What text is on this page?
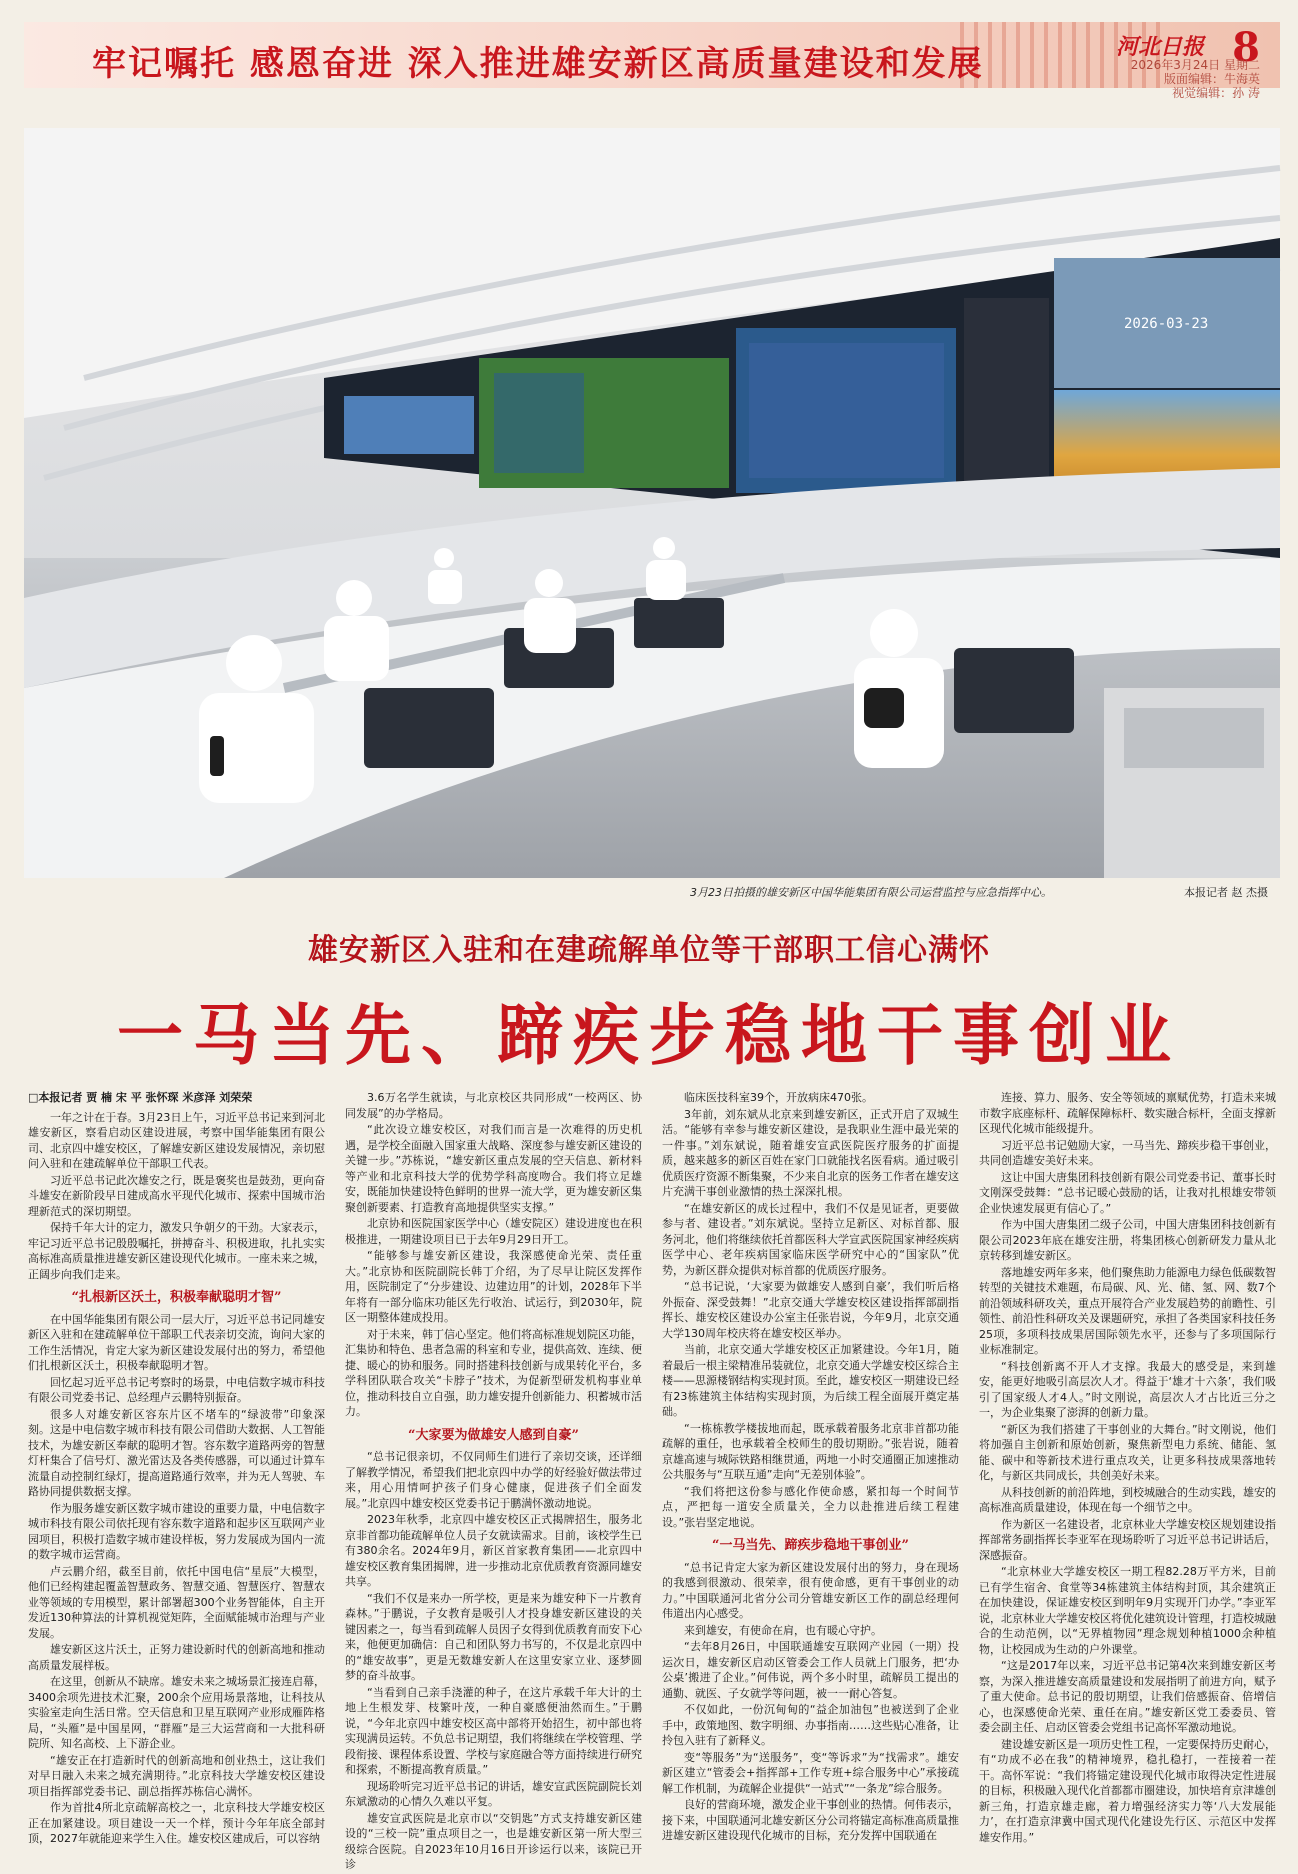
牢记嘱托 感恩奋进 深入推进雄安新区高质量建设和发展	河北日报 8
2026年3月24日 星期二
版面编辑：牛海英
视觉编辑：孙 涛
2026-03-23
3月23日拍摄的雄安新区中国华能集团有限公司运营监控与应急指挥中心。	本报记者 赵 杰摄
雄安新区入驻和在建疏解单位等干部职工信心满怀
一马当先、蹄疾步稳地干事创业
□本报记者 贾 楠 宋 平 张怀琛 米彦泽 刘荣荣

一年之计在于春。3月23日上午，习近平总书记来到河北雄安新区，察看启动区建设进展，考察中国华能集团有限公司、北京四中雄安校区，了解雄安新区建设发展情况，亲切慰问入驻和在建疏解单位干部职工代表。

习近平总书记此次雄安之行，既是褒奖也是鼓劲，更向奋斗雄安在新阶段早日建成高水平现代化城市、探索中国城市治理新范式的深切期望。

保持千年大计的定力，激发只争朝夕的干劲。大家表示，牢记习近平总书记殷殷嘱托，拼搏奋斗、积极进取，扎扎实实高标准高质量推进雄安新区建设现代化城市。一座未来之城，正阔步向我们走来。

“扎根新区沃土，积极奉献聪明才智”

在中国华能集团有限公司一层大厅，习近平总书记同雄安新区入驻和在建疏解单位干部职工代表亲切交流，询问大家的工作生活情况，肯定大家为新区建设发展付出的努力，希望他们扎根新区沃土，积极奉献聪明才智。

回忆起习近平总书记考察时的场景，中电信数字城市科技有限公司党委书记、总经理卢云鹏特别振奋。

很多人对雄安新区容东片区不堵车的“绿波带”印象深刻。这是中电信数字城市科技有限公司借助大数据、人工智能技术，为雄安新区奉献的聪明才智。容东数字道路两旁的智慧灯杆集合了信号灯、激光雷达及各类传感器，可以通过计算车流量自动控制红绿灯，提高道路通行效率，并为无人驾驶、车路协同提供数据支撑。

作为服务雄安新区数字城市建设的重要力量，中电信数字城市科技有限公司依托现有容东数字道路和起步区互联网产业园项目，积极打造数字城市建设样板，努力发展成为国内一流的数字城市运营商。

卢云鹏介绍，截至目前，依托中国电信“星辰”大模型，他们已经构建起覆盖智慧政务、智慧交通、智慧医疗、智慧农业等领域的专用模型，累计部署超300个业务智能体，自主开发近130种算法的计算机视觉矩阵，全面赋能城市治理与产业发展。

雄安新区这片沃土，正努力建设新时代的创新高地和推动高质量发展样板。

在这里，创新从不缺席。雄安未来之城场景汇接连启幕，3400余项先进技术汇聚，200余个应用场景落地，让科技从实验室走向生活日常。空天信息和卫星互联网产业形成雁阵格局，“头雁”是中国星网，“群雁”是三大运营商和一大批科研院所、知名高校、上下游企业。

“雄安正在打造新时代的创新高地和创业热土，这让我们对早日融入未来之城充满期待。”北京科技大学雄安校区建设项目指挥部党委书记、副总指挥苏栋信心满怀。

作为首批4所北京疏解高校之一，北京科技大学雄安校区正在加紧建设。项目建设一天一个样，预计今年年底全部封顶，2027年就能迎来学生入住。雄安校区建成后，可以容纳

3.6万名学生就读，与北京校区共同形成“一校两区、协同发展”的办学格局。

“此次设立雄安校区，对我们而言是一次难得的历史机遇，是学校全面融入国家重大战略、深度参与雄安新区建设的关键一步。”苏栋说，“雄安新区重点发展的空天信息、新材料等产业和北京科技大学的优势学科高度吻合。我们将立足雄安，既能加快建设特色鲜明的世界一流大学，更为雄安新区集聚创新要素、打造教育高地提供坚实支撑。”

北京协和医院国家医学中心（雄安院区）建设进度也在积极推进，一期建设项目已于去年9月29日开工。

“能够参与雄安新区建设，我深感使命光荣、责任重大。”北京协和医院副院长韩丁介绍，为了尽早让院区发挥作用，医院制定了“分步建设、边建边用”的计划，2028年下半年将有一部分临床功能区先行收治、试运行，到2030年，院区一期整体建成投用。

对于未来，韩丁信心坚定。他们将高标准规划院区功能，汇集协和特色、患者急需的科室和专业，提供高效、连续、便捷、暖心的协和服务。同时搭建科技创新与成果转化平台，多学科团队联合攻关“卡脖子”技术，为促新型研发机构事业单位，推动科技自立自强，助力雄安提升创新能力、积蓄城市活力。

“大家要为做雄安人感到自豪”

“总书记很亲切，不仅同师生们进行了亲切交谈，还详细了解教学情况，希望我们把北京四中办学的好经验好做法带过来，用心用情呵护孩子们身心健康，促进孩子们全面发展。”北京四中雄安校区党委书记于鹏满怀激动地说。

2023年秋季，北京四中雄安校区正式揭牌招生，服务北京非首都功能疏解单位人员子女就读需求。目前，该校学生已有380余名。2024年9月，新区首家教育集团——北京四中雄安校区教育集团揭牌，进一步推动北京优质教育资源同雄安共享。

“我们不仅是来办一所学校，更是来为雄安种下一片教育森林。”于鹏说，子女教育是吸引人才投身雄安新区建设的关键因素之一，每当看到疏解人员因子女得到优质教育而安下心来，他便更加确信：自己和团队努力书写的，不仅是北京四中的“雄安故事”，更是无数雄安新人在这里安家立业、逐梦圆梦的奋斗故事。

“当看到自己亲手浇灌的种子，在这片承载千年大计的土地上生根发芽、枝繁叶茂，一种自豪感便油然而生。”于鹏说，“今年北京四中雄安校区高中部将开始招生，初中部也将实现满员运转。不负总书记期望，我们将继续在学校管理、学段衔接、课程体系设置、学校与家庭融合等方面持续进行研究和探索，不断提高教育质量。”

现场聆听完习近平总书记的讲话，雄安宣武医院副院长刘东斌激动的心情久久难以平复。

雄安宣武医院是北京市以“交钥匙”方式支持雄安新区建设的“三校一院”重点项目之一，也是雄安新区第一所大型三级综合医院。自2023年10月16日开诊运行以来，该院已开诊

临床医技科室39个，开放病床470张。

3年前，刘东斌从北京来到雄安新区，正式开启了双城生活。“能够有幸参与雄安新区建设，是我职业生涯中最光荣的一件事。”刘东斌说，随着雄安宣武医院医疗服务的扩面提质，越来越多的新区百姓在家门口就能找名医看病。通过吸引优质医疗资源不断集聚，不少来自北京的医务工作者在雄安这片充满干事创业激情的热土深深扎根。

“在雄安新区的成长过程中，我们不仅是见证者，更要做参与者、建设者。”刘东斌说。坚持立足新区、对标首都、服务河北，他们将继续依托首都医科大学宣武医院国家神经疾病医学中心、老年疾病国家临床医学研究中心的“国家队”优势，为新区群众提供对标首都的优质医疗服务。

“总书记说，‘大家要为做雄安人感到自豪’，我们听后格外振奋、深受鼓舞！”北京交通大学雄安校区建设指挥部副指挥长、雄安校区建设办公室主任张岩说，今年9月，北京交通大学130周年校庆将在雄安校区举办。

当前，北京交通大学雄安校区正加紧建设。今年1月，随着最后一根主梁精准吊装就位，北京交通大学雄安校区综合主楼——思源楼钢结构实现封顶。至此，雄安校区一期建设已经有23栋建筑主体结构实现封顶，为后续工程全面展开奠定基础。

“一栋栋教学楼拔地而起，既承载着服务北京非首都功能疏解的重任，也承载着全校师生的殷切期盼。”张岩说，随着京雄高速与城际铁路相继贯通，两地一小时交通圈正加速推动公共服务与“互联互通”走向“无差别体验”。

“我们将把这份参与感化作使命感，紧扣每一个时间节点，严把每一道安全质量关，全力以赴推进后续工程建设。”张岩坚定地说。

“一马当先、蹄疾步稳地干事创业”

“总书记肯定大家为新区建设发展付出的努力，身在现场的我感到很激动、很荣幸，很有使命感，更有干事创业的动力。”中国联通河北省分公司分管雄安新区工作的副总经理何伟道出内心感受。

来到雄安，有使命在肩，也有暖心守护。

“去年8月26日，中国联通雄安互联网产业园（一期）投运次日，雄安新区启动区管委会工作人员就上门服务，把‘办公桌’搬进了企业。”何伟说，两个多小时里，疏解员工提出的通勤、就医、子女就学等问题，被一一耐心答复。

不仅如此，一份沉甸甸的“益企加油包”也被送到了企业手中，政策地图、数字明细、办事指南……这些贴心准备，让拎包入驻有了新释义。

变“等服务”为“送服务”，变“等诉求”为“找需求”。雄安新区建立“管委会+指挥部+工作专班+综合服务中心”承接疏解工作机制，为疏解企业提供“一站式”“一条龙”综合服务。

良好的营商环境，激发企业干事创业的热情。何伟表示，接下来，中国联通河北雄安新区分公司将锚定高标准高质量推进雄安新区建设现代化城市的目标，充分发挥中国联通在

连接、算力、服务、安全等领域的禀赋优势，打造未来城市数字底座标杆、疏解保障标杆、数实融合标杆，全面支撑新区现代化城市能级提升。

习近平总书记勉励大家，一马当先、蹄疾步稳干事创业，共同创造雄安美好未来。

这让中国大唐集团科技创新有限公司党委书记、董事长时文刚深受鼓舞：“总书记暖心鼓励的话，让我对扎根雄安带领企业快速发展更有信心了。”

作为中国大唐集团二级子公司，中国大唐集团科技创新有限公司2023年底在雄安注册，将集团核心创新研发力量从北京转移到雄安新区。

落地雄安两年多来，他们聚焦助力能源电力绿色低碳数智转型的关键技术难题，布局碳、风、光、储、氢、网、数7个前沿领域科研攻关，重点开展符合产业发展趋势的前瞻性、引领性、前沿性科研攻关及课题研究，承担了各类国家科技任务25项，多项科技成果居国际领先水平，还参与了多项国际行业标准制定。

“科技创新离不开人才支撑。我最大的感受是，来到雄安，能更好地吸引高层次人才。得益于‘雄才十六条’，我们吸引了国家级人才4人。”时文刚说，高层次人才占比近三分之一，为企业集聚了澎湃的创新力量。

“新区为我们搭建了干事创业的大舞台。”时文刚说，他们将加强自主创新和原始创新，聚焦新型电力系统、储能、氢能、碳中和等新技术进行重点攻关，让更多科技成果落地转化，与新区共同成长，共创美好未来。

从科技创新的前沿阵地，到校城融合的生动实践，雄安的高标准高质量建设，体现在每一个细节之中。

作为新区一名建设者，北京林业大学雄安校区规划建设指挥部常务副指挥长李亚军在现场聆听了习近平总书记讲话后，深感振奋。

“北京林业大学雄安校区一期工程82.28万平方米，目前已有学生宿舍、食堂等34栋建筑主体结构封顶，其余建筑正在加快建设，保证雄安校区到明年9月实现开门办学。”李亚军说，北京林业大学雄安校区将优化建筑设计管理，打造校城融合的生动范例，以“无界植物园”理念规划种植1000余种植物，让校园成为生动的户外课堂。

“这是2017年以来，习近平总书记第4次来到雄安新区考察，为深入推进雄安高质量建设和发展指明了前进方向，赋予了重大使命。总书记的殷切期望，让我们倍感振奋、倍增信心，也深感使命光荣、重任在肩。”雄安新区党工委委员、管委会副主任、启动区管委会党组书记高怀军激动地说。

建设雄安新区是一项历史性工程，一定要保持历史耐心，有“功成不必在我”的精神境界，稳扎稳打，一茬接着一茬干。高怀军说：“我们将锚定建设现代化城市取得决定性进展的目标，积极融入现代化首都都市圈建设，加快培育京津雄创新三角，打造京雄走廊，着力增强经济实力等‘八大发展能力’，在打造京津冀中国式现代化建设先行区、示范区中发挥雄安作用。”
